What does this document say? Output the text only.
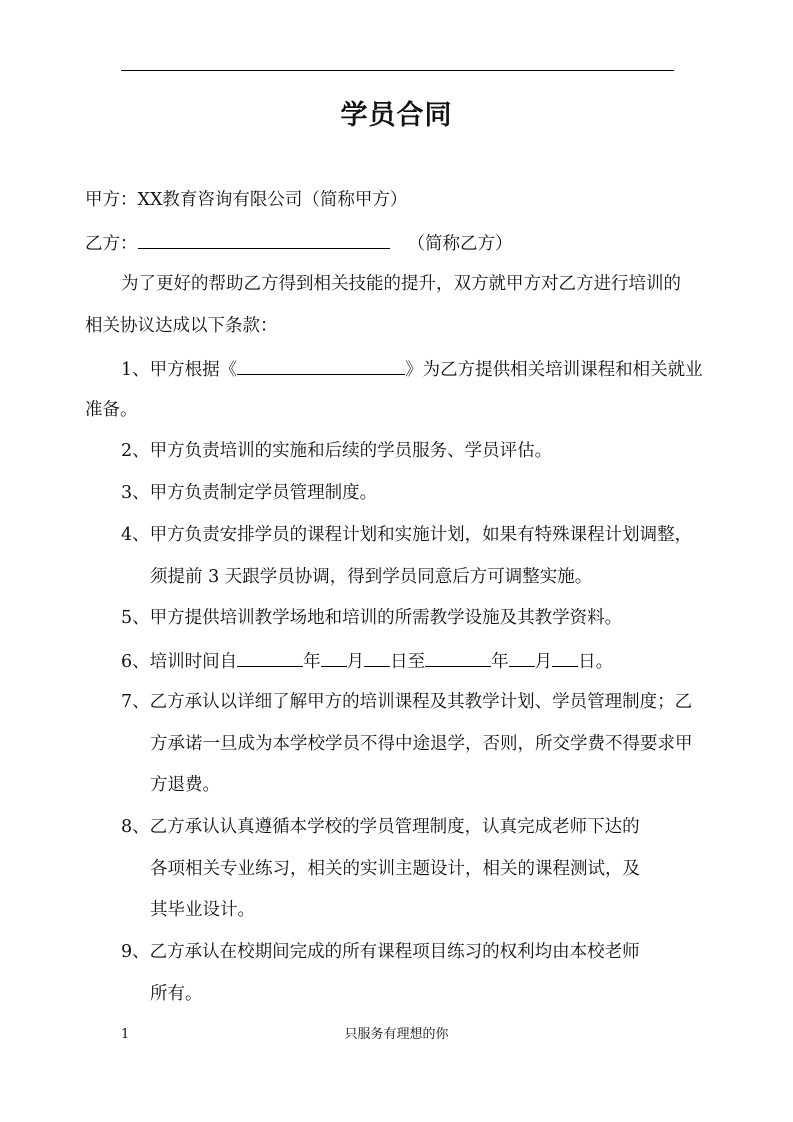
学员合同
甲方：XX教育咨询有限公司（简称甲方）
乙方：	（简称乙方）
为了更好的帮助乙方得到相关技能的提升，双方就甲方对乙方进行培训的
相关协议达成以下条款：
1、甲方根据《	》为乙方提供相关培训课程和相关就业
准备。
2、甲方负责培训的实施和后续的学员服务、学员评估。
3、甲方负责制定学员管理制度。
4、甲方负责安排学员的课程计划和实施计划，如果有特殊课程计划调整，
须提前 3 天跟学员协调，得到学员同意后方可调整实施。
5、甲方提供培训教学场地和培训的所需教学设施及其教学资料。
6、培训时间自	年 月 日至	年 月 日。
7、乙方承认以详细了解甲方的培训课程及其教学计划、学员管理制度；乙
方承诺一旦成为本学校学员不得中途退学，否则，所交学费不得要求甲
方退费。
8、乙方承认认真遵循本学校的学员管理制度，认真完成老师下达的
各项相关专业练习，相关的实训主题设计，相关的课程测试，及
其毕业设计。
9、乙方承认在校期间完成的所有课程项目练习的权利均由本校老师
所有。
1	只服务有理想的你
